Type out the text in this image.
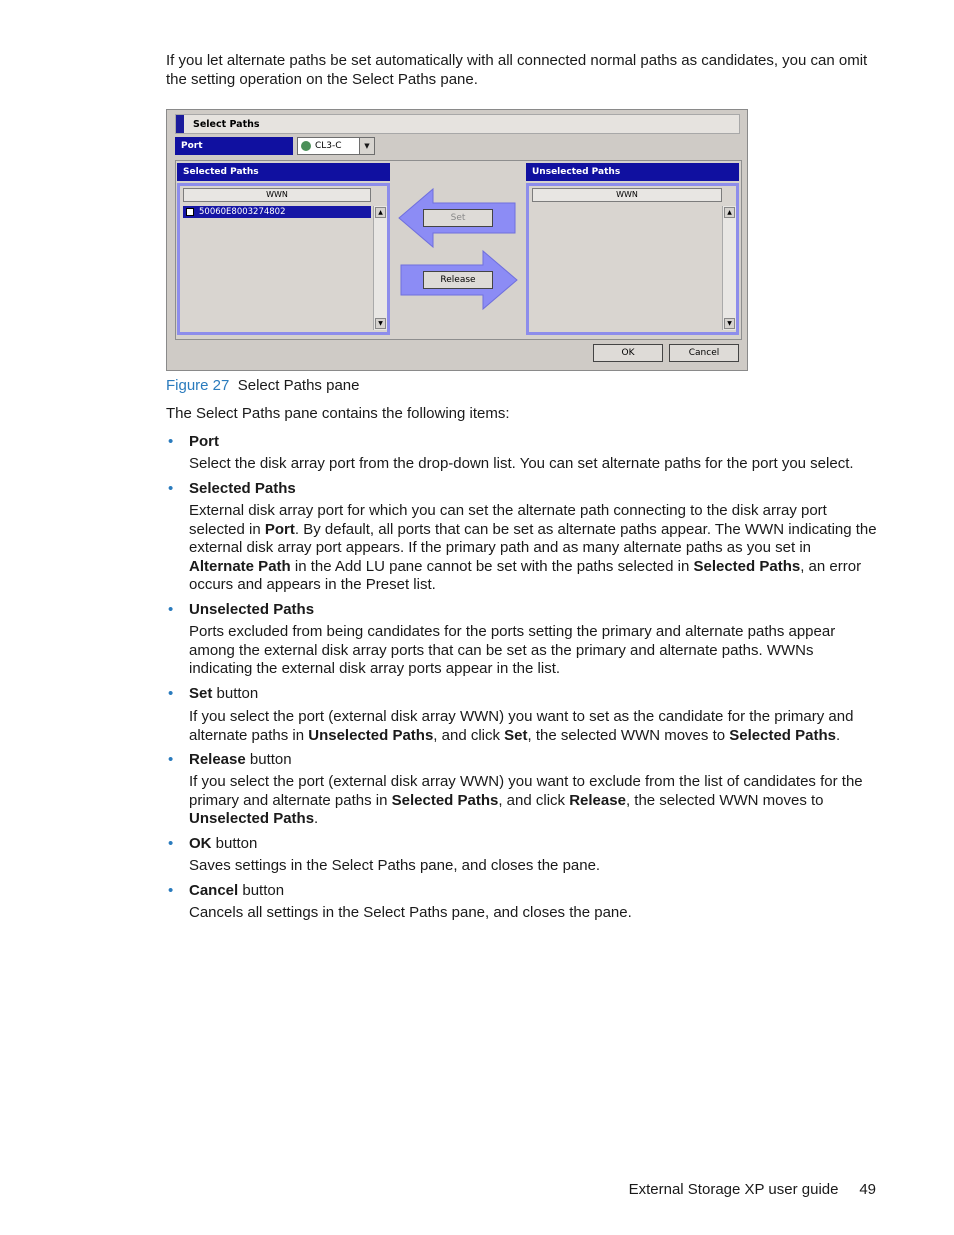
If you let alternate paths be set automatically with all connected normal paths as candidates, you can omit the setting operation on the Select Paths pane.
Select Paths
Port	CL3-C	▼
Selected Paths
WWN
50060E8003274802	▲
▼
Set
Release
Unselected Paths
WWN
▲
▼
OK	Cancel
Figure 27 Select Paths pane
The Select Paths pane contains the following items:
• Port
Select the disk array port from the drop-down list. You can set alternate paths for the port you select.
• Selected Paths
External disk array port for which you can set the alternate path connecting to the disk array port selected in Port. By default, all ports that can be set as alternate paths appear. The WWN indicating the external disk array port appears. If the primary path and as many alternate paths as you set in Alternate Path in the Add LU pane cannot be set with the paths selected in Selected Paths, an error occurs and appears in the Preset list.
• Unselected Paths
Ports excluded from being candidates for the ports setting the primary and alternate paths appear among the external disk array ports that can be set as the primary and alternate paths. WWNs indicating the external disk array ports appear in the list.
• Set button
If you select the port (external disk array WWN) you want to set as the candidate for the primary and alternate paths in Unselected Paths, and click Set, the selected WWN moves to Selected Paths.
• Release button
If you select the port (external disk array WWN) you want to exclude from the list of candidates for the primary and alternate paths in Selected Paths, and click Release, the selected WWN moves to Unselected Paths.
• OK button
Saves settings in the Select Paths pane, and closes the pane.
• Cancel button
Cancels all settings in the Select Paths pane, and closes the pane.
External Storage XP user guide 49
